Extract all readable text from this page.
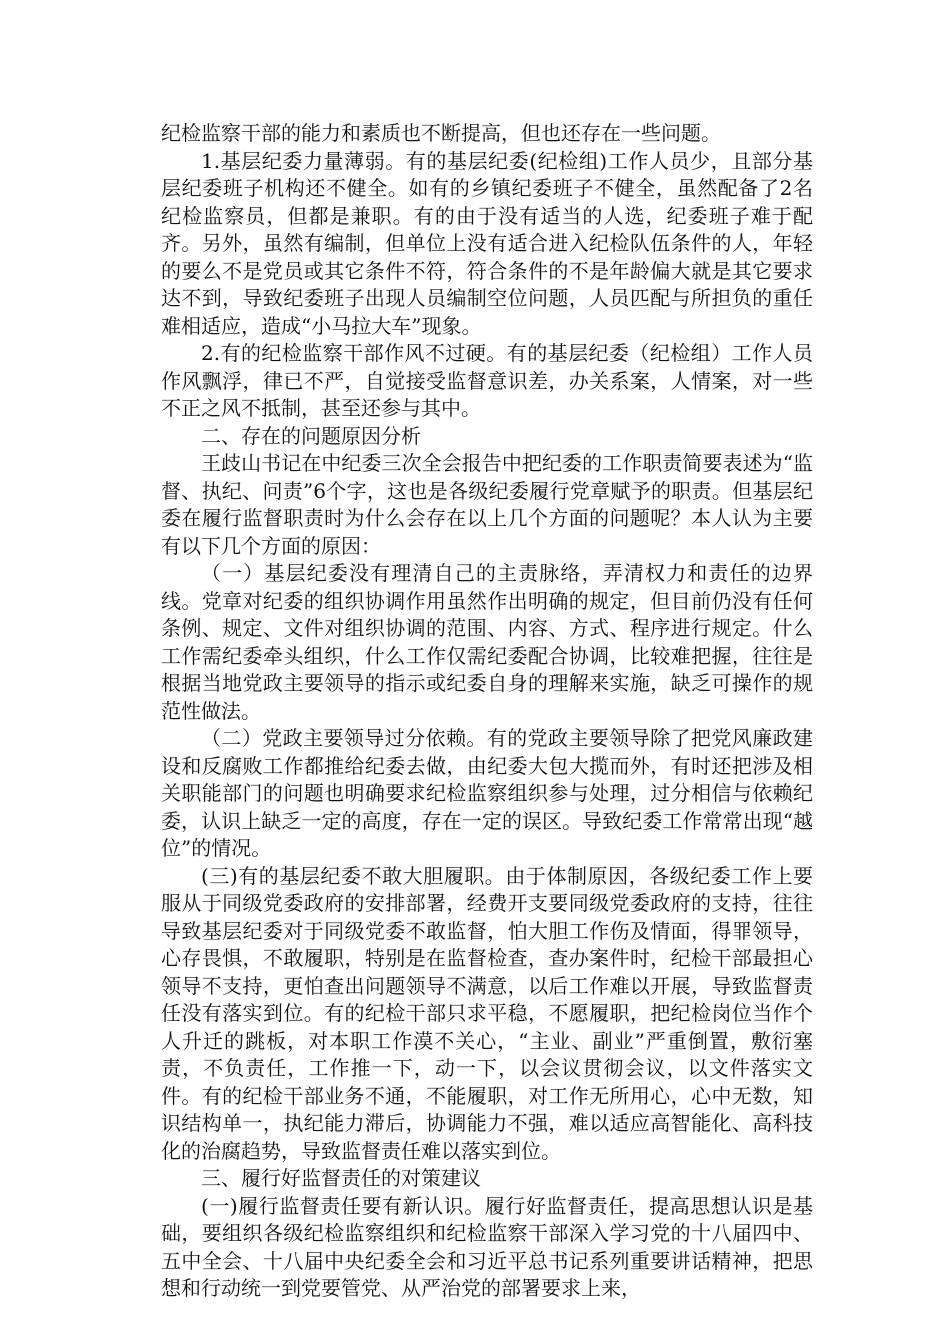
纪检监察干部的能力和素质也不断提高，但也还存在一些问题。

1.基层纪委力量薄弱。有的基层纪委(纪检组)工作人员少，且部分基层纪委班子机构还不健全。如有的乡镇纪委班子不健全，虽然配备了2名纪检监察员，但都是兼职。有的由于没有适当的人选，纪委班子难于配齐。另外，虽然有编制，但单位上没有适合进入纪检队伍条件的人，年轻的要么不是党员或其它条件不符，符合条件的不是年龄偏大就是其它要求达不到，导致纪委班子出现人员编制空位问题，人员匹配与所担负的重任难相适应，造成“小马拉大车”现象。

2.有的纪检监察干部作风不过硬。有的基层纪委（纪检组）工作人员作风飘浮，律已不严，自觉接受监督意识差，办关系案，人情案，对一些不正之风不抵制，甚至还参与其中。

二、存在的问题原因分析

王歧山书记在中纪委三次全会报告中把纪委的工作职责简要表述为“监督、执纪、问责”6个字，这也是各级纪委履行党章赋予的职责。但基层纪委在履行监督职责时为什么会存在以上几个方面的问题呢？本人认为主要有以下几个方面的原因：

（一）基层纪委没有理清自己的主责脉络，弄清权力和责任的边界线。党章对纪委的组织协调作用虽然作出明确的规定，但目前仍没有任何条例、规定、文件对组织协调的范围、内容、方式、程序进行规定。什么工作需纪委牵头组织，什么工作仅需纪委配合协调，比较难把握，往往是根据当地党政主要领导的指示或纪委自身的理解来实施，缺乏可操作的规范性做法。

（二）党政主要领导过分依赖。有的党政主要领导除了把党风廉政建设和反腐败工作都推给纪委去做，由纪委大包大揽而外，有时还把涉及相关职能部门的问题也明确要求纪检监察组织参与处理，过分相信与依赖纪委，认识上缺乏一定的高度，存在一定的误区。导致纪委工作常常出现“越位”的情况。

(三)有的基层纪委不敢大胆履职。由于体制原因，各级纪委工作上要服从于同级党委政府的安排部署，经费开支要同级党委政府的支持，往往导致基层纪委对于同级党委不敢监督，怕大胆工作伤及情面，得罪领导，心存畏惧，不敢履职，特别是在监督检查，查办案件时，纪检干部最担心领导不支持，更怕查出问题领导不满意，以后工作难以开展，导致监督责任没有落实到位。有的纪检干部只求平稳，不愿履职，把纪检岗位当作个人升迁的跳板，对本职工作漠不关心，“主业、副业”严重倒置，敷衍塞责，不负责任，工作推一下，动一下，以会议贯彻会议，以文件落实文件。有的纪检干部业务不通，不能履职，对工作无所用心，心中无数，知识结构单一，执纪能力滞后，协调能力不强，难以适应高智能化、高科技化的治腐趋势，导致监督责任难以落实到位。

三、履行好监督责任的对策建议

(一)履行监督责任要有新认识。履行好监督责任，提高思想认识是基础，要组织各级纪检监察组织和纪检监察干部深入学习党的十八届四中、五中全会、十八届中央纪委全会和习近平总书记系列重要讲话精神，把思想和行动统一到党要管党、从严治党的部署要求上来，
